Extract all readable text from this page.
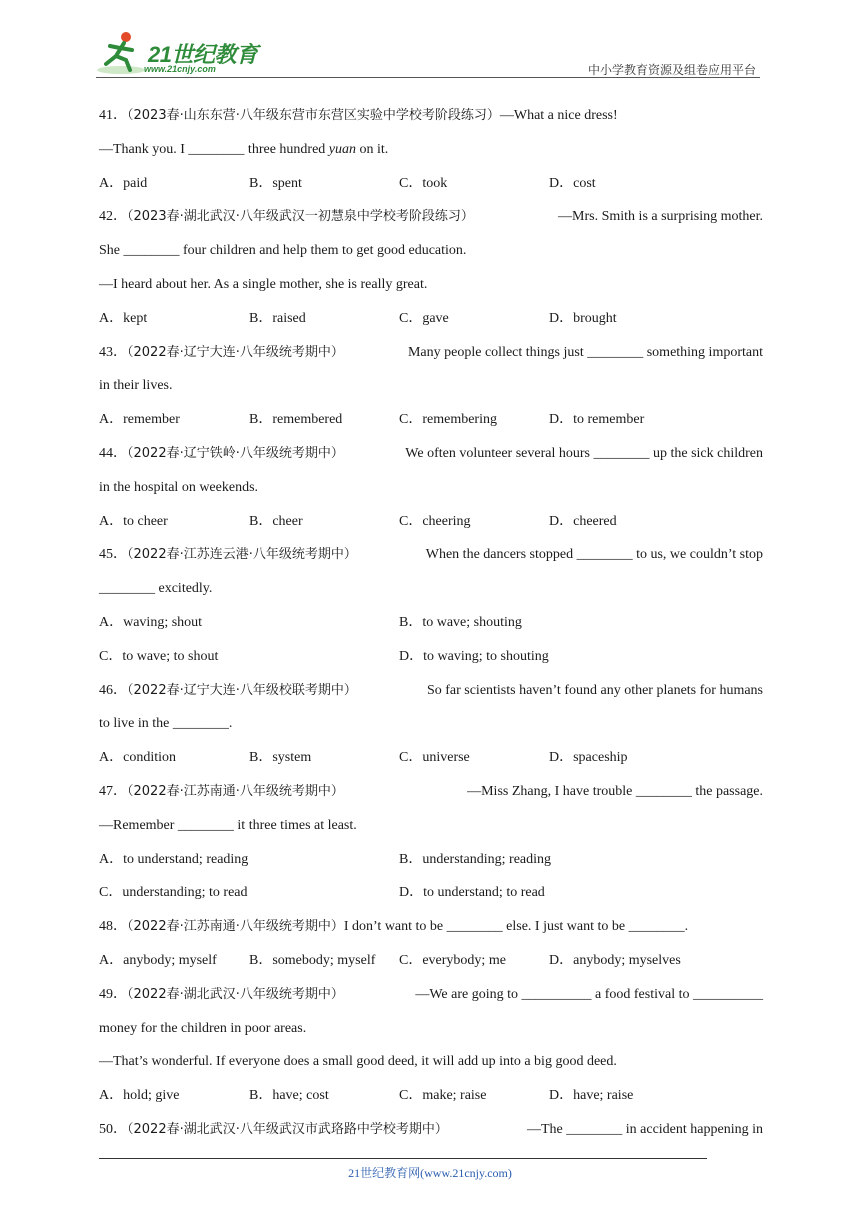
21世纪教育
www.21cnjy.com	中小学教育资源及组卷应用平台
41．（2023春·山东东营·八年级东营市东营区实验中学校考阶段练习）—What a nice dress!
—Thank you. I ________ three hundred yuan on it.
A．paid	B．spent	C．took	D．cost
42．（2023春·湖北武汉·八年级武汉一初慧泉中学校考阶段练习）	—Mrs. Smith is a surprising mother.
She ________ four children and help them to get good education.
—I heard about her. As a single mother, she is really great.
A．kept	B．raised	C．gave	D．brought
43．（2022春·辽宁大连·八年级统考期中）	Many people collect things just ________ something important
in their lives.
A．remember	B．remembered	C．remembering	D．to remember
44．（2022春·辽宁铁岭·八年级统考期中）	We often volunteer several hours ________ up the sick children
in the hospital on weekends.
A．to cheer	B．cheer	C．cheering	D．cheered
45．（2022春·江苏连云港·八年级统考期中）	When the dancers stopped ________ to us, we couldn’t stop
________ excitedly.
A．waving; shout	B．to wave; shouting
C．to wave; to shout	D．to waving; to shouting
46．（2022春·辽宁大连·八年级校联考期中）	So far scientists haven’t found any other planets for humans
to live in the ________.
A．condition	B．system	C．universe	D．spaceship
47．（2022春·江苏南通·八年级统考期中）	—Miss Zhang, I have trouble ________ the passage.
—Remember ________ it three times at least.
A．to understand; reading	B．understanding; reading
C．understanding; to read	D．to understand; to read
48．（2022春·江苏南通·八年级统考期中）I don’t want to be ________ else. I just want to be ________.
A．anybody; myself	B．somebody; myself	C．everybody; me	D．anybody; myselves
49．（2022春·湖北武汉·八年级统考期中）	—We are going to __________ a food festival to __________
money for the children in poor areas.
—That’s wonderful. If everyone does a small good deed, it will add up into a big good deed.
A．hold; give	B．have; cost	C．make; raise	D．have; raise
50．（2022春·湖北武汉·八年级武汉市武珞路中学校考期中）	—The ________ in accident happening in
21世纪教育网(www.21cnjy.com)
